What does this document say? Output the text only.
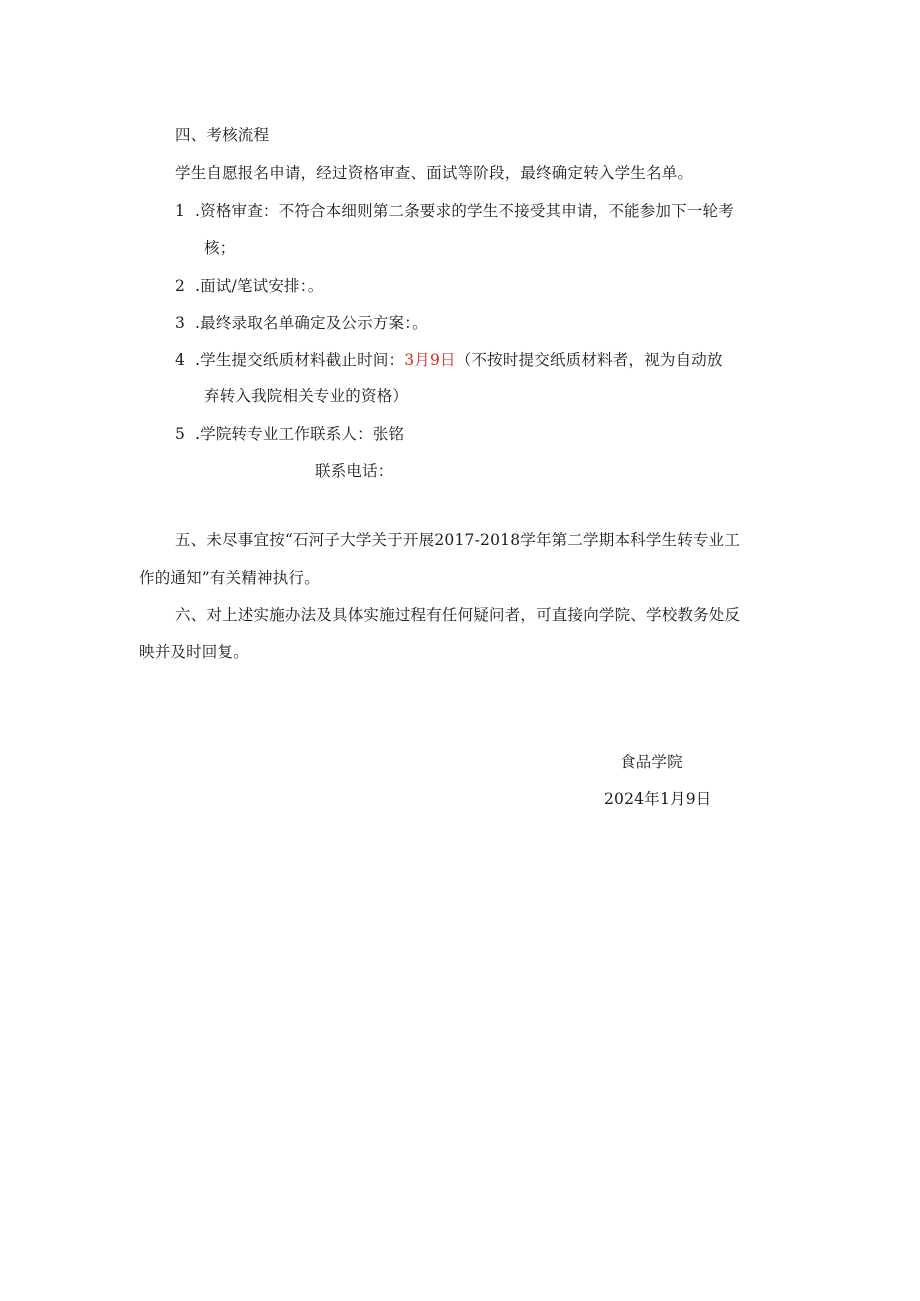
四、考核流程
学生自愿报名申请，经过资格审查、面试等阶段，最终确定转入学生名单。
1 .资格审查：不符合本细则第二条要求的学生不接受其申请，不能参加下一轮考
核；
2 .面试/笔试安排：。
3 .最终录取名单确定及公示方案：。
4 .学生提交纸质材料截止时间：3月9日（不按时提交纸质材料者，视为自动放
弃转入我院相关专业的资格）
5 .学院转专业工作联系人：张铭
联系电话：
五、未尽事宜按“石河子大学关于开展2017-2018学年第二学期本科学生转专业工
作的通知”有关精神执行。
六、对上述实施办法及具体实施过程有任何疑问者，可直接向学院、学校教务处反
映并及时回复。
食品学院
2024年1月9日
